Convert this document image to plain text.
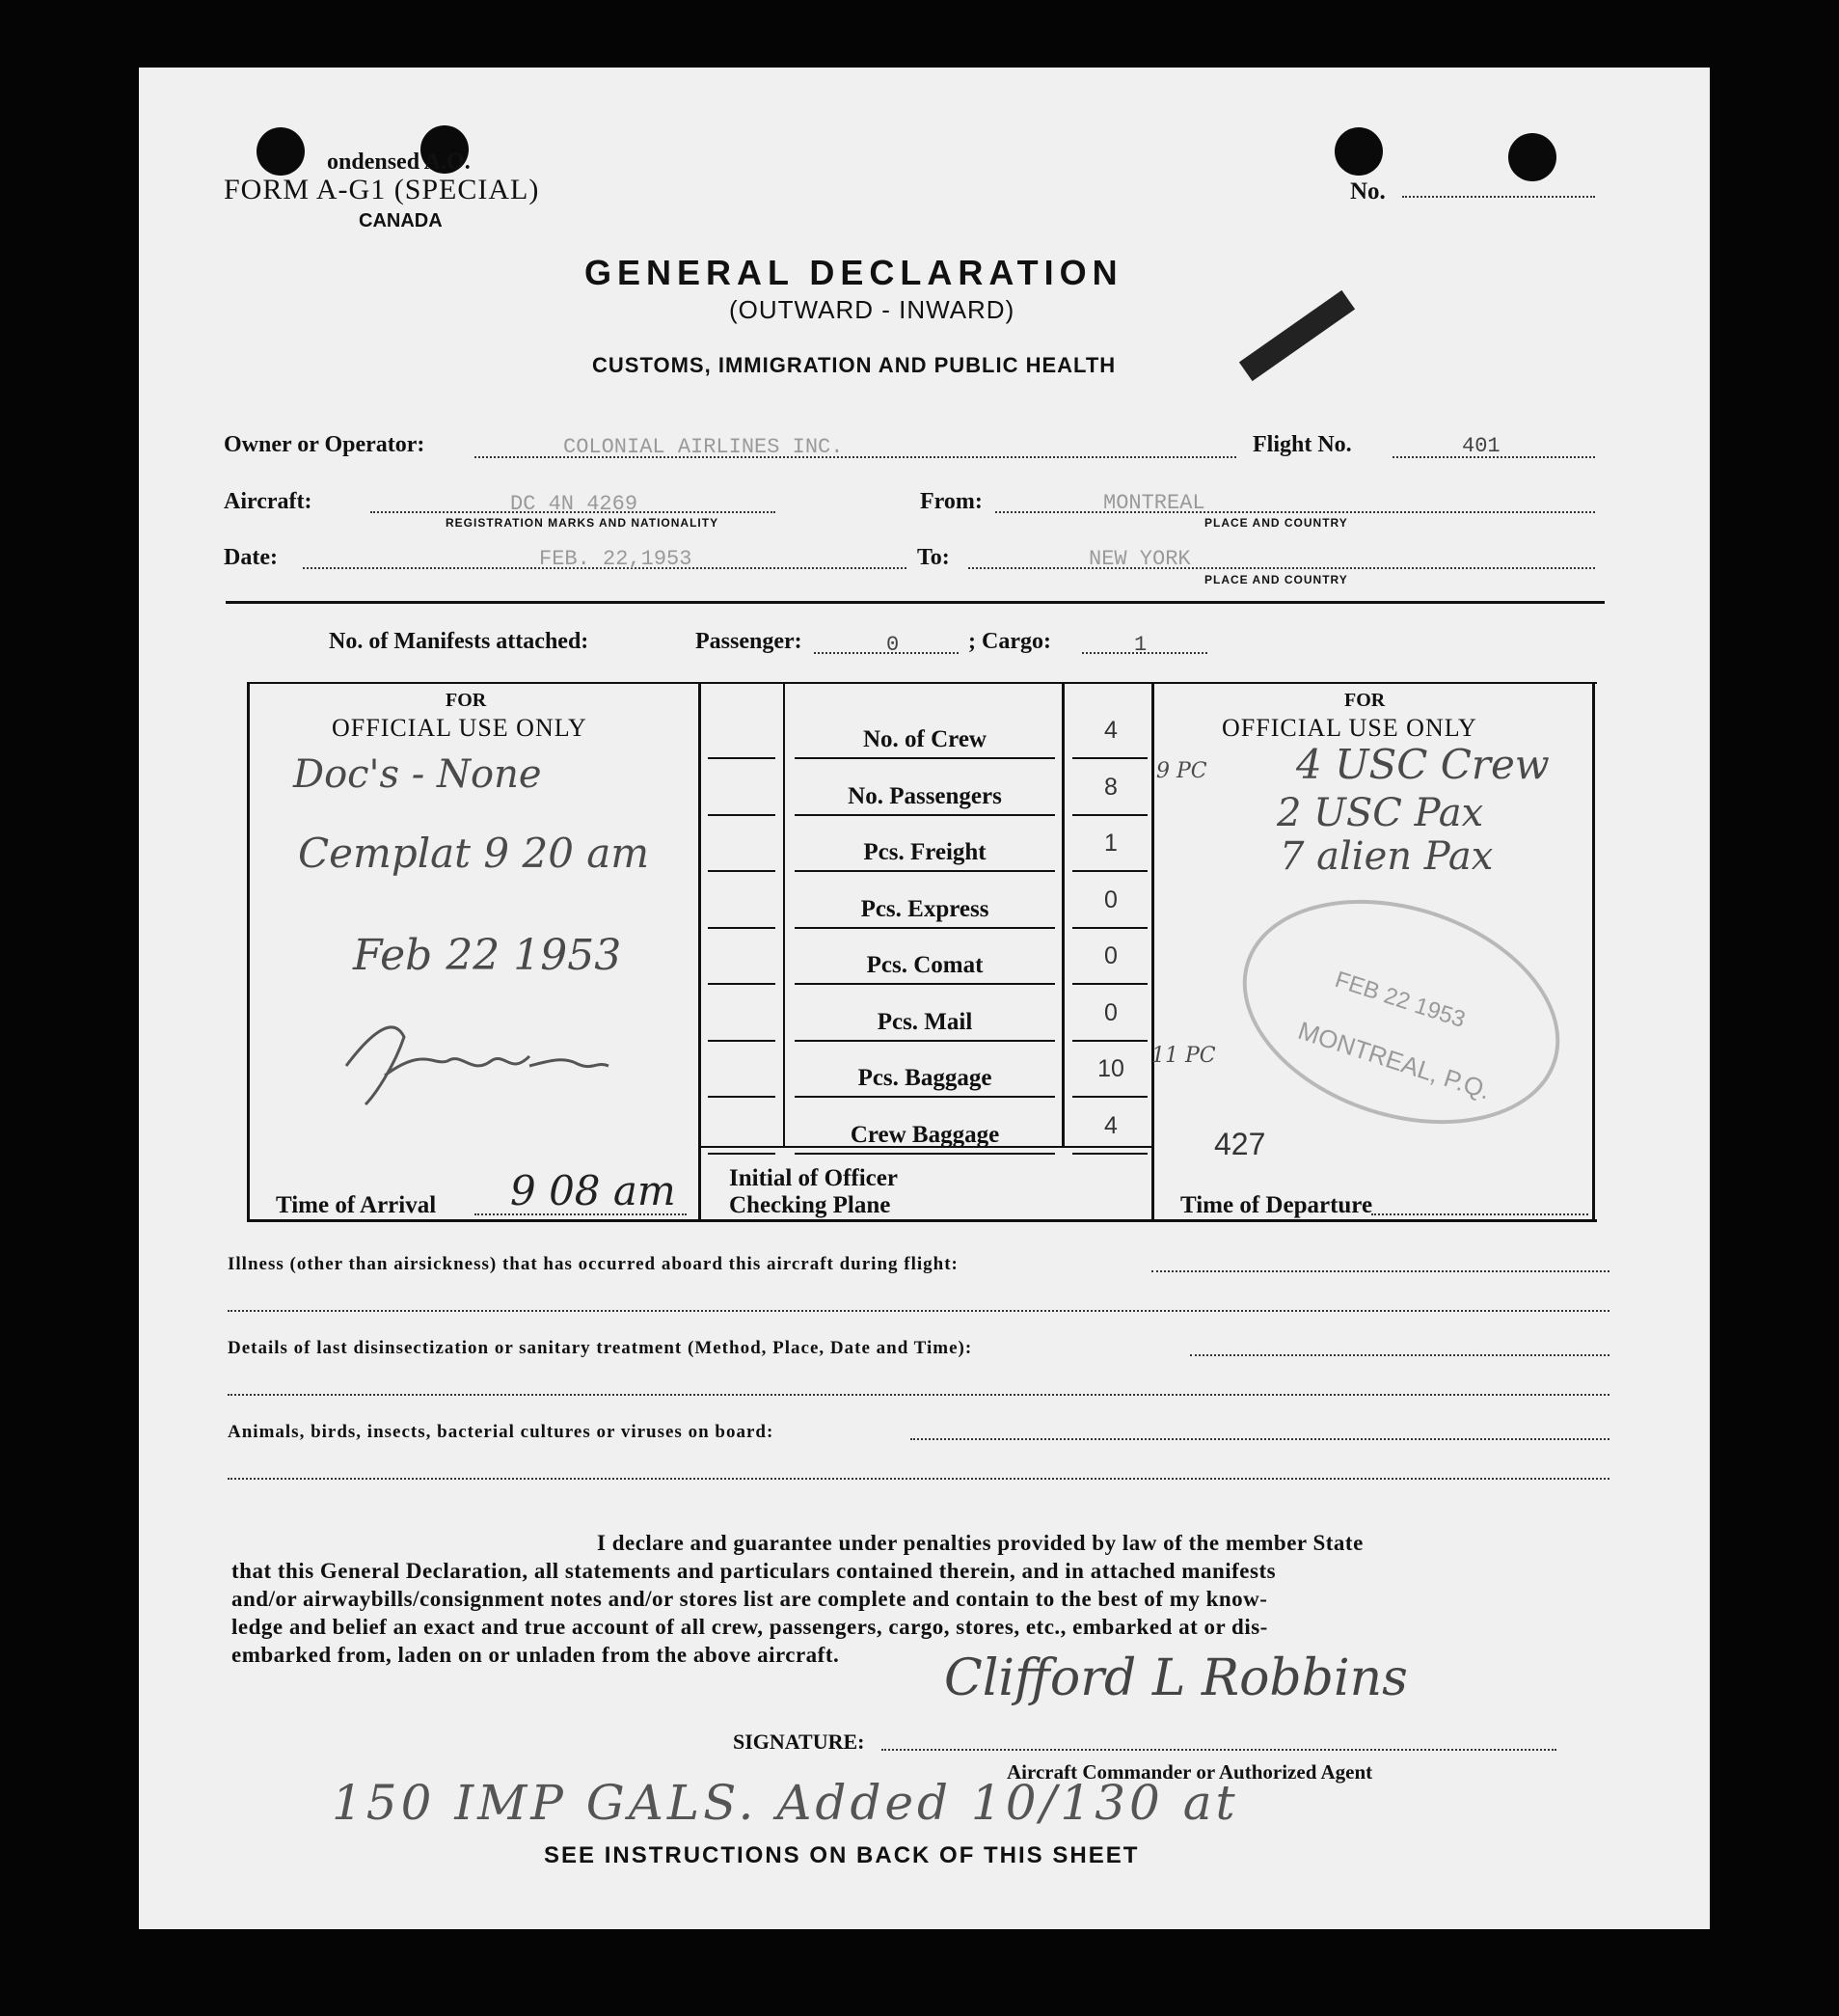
ondensed A.O.
FORM A-G1 (SPECIAL)
CANADA
No.
GENERAL DECLARATION
(OUTWARD - INWARD)
CUSTOMS, IMMIGRATION AND PUBLIC HEALTH
Owner or Operator:	COLONIAL AIRLINES INC.	Flight No.	401
Aircraft:	DC 4N 4269
REGISTRATION MARKS AND NATIONALITY
From:	MONTREAL
PLACE AND COUNTRY
Date:	FEB. 22,1953	To:	NEW YORK
PLACE AND COUNTRY
No. of Manifests attached:	Passenger:	0	; Cargo:	1
FOR
OFFICIAL USE ONLY
FOR
OFFICIAL USE ONLY
No. of Crew	4
No. Passengers	8
Pcs. Freight	1
Pcs. Express	0
Pcs. Comat	0
Pcs. Mail	0
Pcs. Baggage	10
Crew Baggage	4
Doc's - None
Cemplat 9 20 am
Feb 22 1953
9 PC 4 USC Crew
2 USC Pax
7 alien Pax
11 PC
FEB 22 1953
MONTREAL, P.Q.
427
Initial of Officer
Checking Plane
Time of Arrival 9 08 am	Time of Departure
Illness (other than airsickness) that has occurred aboard this aircraft during flight:
Details of last disinsectization or sanitary treatment (Method, Place, Date and Time):
Animals, birds, insects, bacterial cultures or viruses on board:
I declare and guarantee under penalties provided by law of the member State
that this General Declaration, all statements and particulars contained therein, and in attached manifests
and/or airwaybills/consignment notes and/or stores list are complete and contain to the best of my know-
ledge and belief an exact and true account of all crew, passengers, cargo, stores, etc., embarked at or dis-
embarked from, laden on or unladen from the above aircraft. Clifford L Robbins
SIGNATURE:
Aircraft Commander or Authorized Agent
150 IMP GALS. Added 10/130 at
SEE INSTRUCTIONS ON BACK OF THIS SHEET
